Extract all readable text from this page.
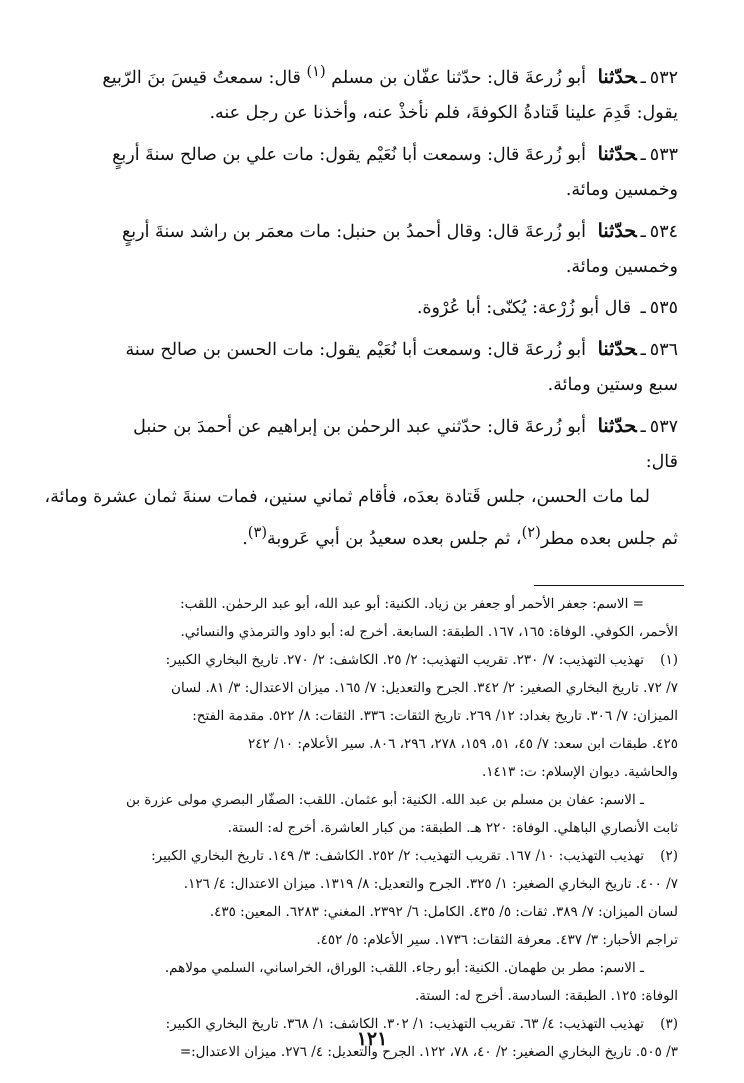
٥٣٢ـحدّثنا أبو زُرعةَ قال: حدّثنا عفّان بن مسلم $^{(١)}$ قال: سمعتُ قيسَ بنَ الرّبيع

يقول: قَدِمَ علينا قَتادةُ الكوفةَ، فلم نأخذْ عنه، وأخذنا عن رجل عنه.

٥٣٣ـحدّثنا أبو زُرعةَ قال: وسمعت أبا نُعَيْم يقول: مات علي بن صالح سنةَ أربعٍ

وخمسين ومائة.

٥٣٤ـحدّثنا أبو زُرعةَ قال: وقال أحمدُ بن حنبل: مات معمَر بن راشد سنةَ أربعٍ

وخمسين ومائة.

٥٣٥ـ قال أبو زُرْعة: يُكنّى: أبا عُرْوة.

٥٣٦ـحدّثنا أبو زُرعةَ قال: وسمعت أبا نُعَيْم يقول: مات الحسن بن صالح سنة

سبع وستين ومائة.

٥٣٧ـحدّثنا أبو زُرعةَ قال: حدّثني عبد الرحمٰن بن إبراهيم عن أحمدَ بن حنبل

قال:

لما مات الحسن، جلس قَتادة بعدَه، فأقام ثماني سنين، فمات سنةَ ثمان عشرة ومائة،

ثم جلس بعده مطر$^{(٢)}$، ثم جلس بعده سعيدُ بن أبي عَروبة$^{(٣)}$.

= الاسم: جعفر الأحمر أو جعفر بن زياد. الكنية: أبو عبد الله، أبو عبد الرحمٰن. اللقب:

الأحمر، الكوفي. الوفاة: ١٦٥، ١٦٧. الطبقة: السابعة. أخرج له: أبو داود والترمذي والنسائي.

(١)تهذيب التهذيب: ٧/ ٢٣٠. تقريب التهذيب: ٢/ ٢٥. الكاشف: ٢/ ٢٧٠. تاريخ البخاري الكبير:

٧/ ٧٢. تاريخ البخاري الصغير: ٢/ ٣٤٢. الجرح والتعديل: ٧/ ١٦٥. ميزان الاعتدال: ٣/ ٨١. لسان

الميزان: ٧/ ٣٠٦. تاريخ بغداد: ١٢/ ٢٦٩. تاريخ الثقات: ٣٣٦. الثقات: ٨/ ٥٢٢. مقدمة الفتح:

٤٢٥. طبقات ابن سعد: ٧/ ٤٥، ٥١، ١٥٩، ٢٧٨، ٢٩٦، ٨٠٦. سير الأعلام: ١٠/ ٢٤٢

والحاشية. ديوان الإسلام: ت: ١٤١٣.

ـ الاسم: عفان بن مسلم بن عبد الله. الكنية: أبو عثمان. اللقب: الصفّار البصري مولى عزرة بن

ثابت الأنصاري الباهلي. الوفاة: ٢٢٠ هـ. الطبقة: من كبار العاشرة. أخرج له: الستة.

(٢)تهذيب التهذيب: ١٠/ ١٦٧. تقريب التهذيب: ٢/ ٢٥٢. الكاشف: ٣/ ١٤٩. تاريخ البخاري الكبير:

٧/ ٤٠٠. تاريخ البخاري الصغير: ١/ ٣٢٥. الجرح والتعديل: ٨/ ١٣١٩. ميزان الاعتدال: ٤/ ١٢٦.

لسان الميزان: ٧/ ٣٨٩. ثقات: ٥/ ٤٣٥. الكامل: ٦/ ٢٣٩٢. المغني: ٦٢٨٣. المعين: ٤٣٥.

تراجم الأحبار: ٣/ ٤٣٧. معرفة الثقات: ١٧٣٦. سير الأعلام: ٥/ ٤٥٢.

ـ الاسم: مطر بن طهمان. الكنية: أبو رجاء. اللقب: الوراق، الخراساني، السلمي مولاهم.

الوفاة: ١٢٥. الطبقة: السادسة. أخرج له: الستة.

(٣)تهذيب التهذيب: ٤/ ٦٣. تقريب التهذيب: ١/ ٣٠٢. الكاشف: ١/ ٣٦٨. تاريخ البخاري الكبير:

٣/ ٥٠٥. تاريخ البخاري الصغير: ٢/ ٤٠، ٧٨، ١٢٢. الجرح والتعديل: ٤/ ٢٧٦. ميزان الاعتدال:=

١٢١
